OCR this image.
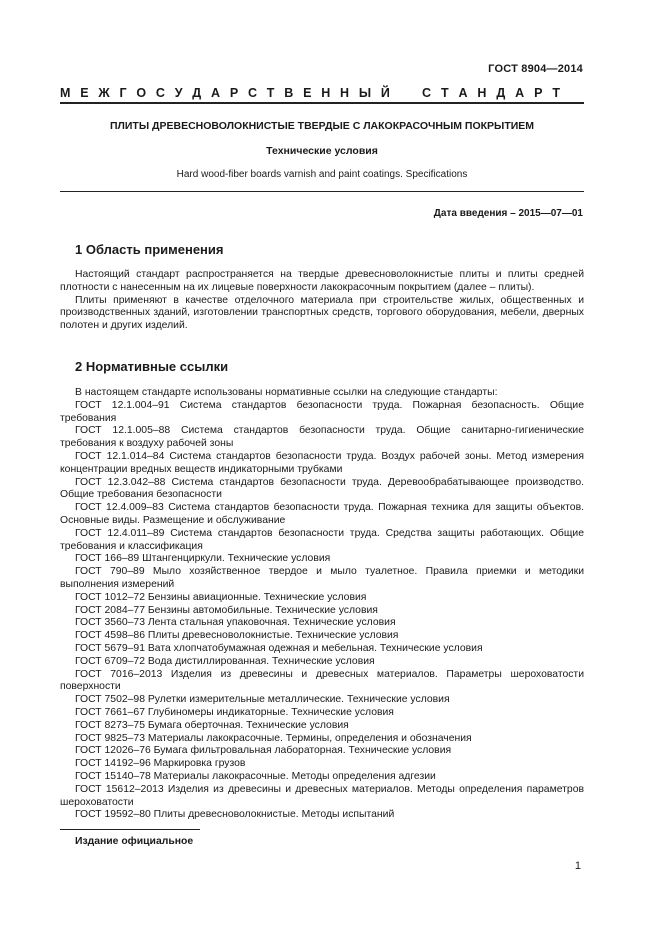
ГОСТ 8904—2014
М Е Ж Г О С У Д А Р С Т В Е Н Н Ы Й	С Т А Н Д А Р Т
ПЛИТЫ ДРЕВЕСНОВОЛОКНИСТЫЕ ТВЕРДЫЕ С ЛАКОКРАСОЧНЫМ ПОКРЫТИЕМ
Технические условия
Hard wood-fiber boards varnish and paint coatings. Specifications
Дата введения – 2015—07—01
1 Область применения

Настоящий стандарт распространяется на твердые древесноволокнистые плиты и плиты средней плотности с нанесенным на их лицевые поверхности лакокрасочным покрытием (далее – плиты).

Плиты применяют в качестве отделочного материала при строительстве жилых, общественных и производственных зданий, изготовлении транспортных средств, торгового оборудования, мебели, дверных полотен и других изделий.

2 Нормативные ссылки

В настоящем стандарте использованы нормативные ссылки на следующие стандарты:

ГОСТ 12.1.004–91 Система стандартов безопасности труда. Пожарная безопасность. Общие требования

ГОСТ 12.1.005–88 Система стандартов безопасности труда. Общие санитарно-гигиенические требования к воздуху рабочей зоны

ГОСТ 12.1.014–84 Система стандартов безопасности труда. Воздух рабочей зоны. Метод измерения концентрации вредных веществ индикаторными трубками

ГОСТ 12.3.042–88 Система стандартов безопасности труда. Деревообрабатывающее производство. Общие требования безопасности

ГОСТ 12.4.009–83 Система стандартов безопасности труда. Пожарная техника для защиты объектов. Основные виды. Размещение и обслуживание

ГОСТ 12.4.011–89 Система стандартов безопасности труда. Средства защиты работающих. Общие требования и классификация

ГОСТ 166–89 Штангенциркули. Технические условия

ГОСТ 790–89 Мыло хозяйственное твердое и мыло туалетное. Правила приемки и методики выполнения измерений

ГОСТ 1012–72 Бензины авиационные. Технические условия

ГОСТ 2084–77 Бензины автомобильные. Технические условия

ГОСТ 3560–73 Лента стальная упаковочная. Технические условия

ГОСТ 4598–86 Плиты древесноволокнистые. Технические условия

ГОСТ 5679–91 Вата хлопчатобумажная одежная и мебельная. Технические условия

ГОСТ 6709–72 Вода дистиллированная. Технические условия

ГОСТ 7016–2013 Изделия из древесины и древесных материалов. Параметры шероховатости поверхности

ГОСТ 7502–98 Рулетки измерительные металлические. Технические условия

ГОСТ 7661–67 Глубиномеры индикаторные. Технические условия

ГОСТ 8273–75 Бумага оберточная. Технические условия

ГОСТ 9825–73 Материалы лакокрасочные. Термины, определения и обозначения

ГОСТ 12026–76 Бумага фильтровальная лабораторная. Технические условия

ГОСТ 14192–96 Маркировка грузов

ГОСТ 15140–78 Материалы лакокрасочные. Методы определения адгезии

ГОСТ 15612–2013 Изделия из древесины и древесных материалов. Методы определения параметров шероховатости

ГОСТ 19592–80 Плиты древесноволокнистые. Методы испытаний

Издание официальное
1
